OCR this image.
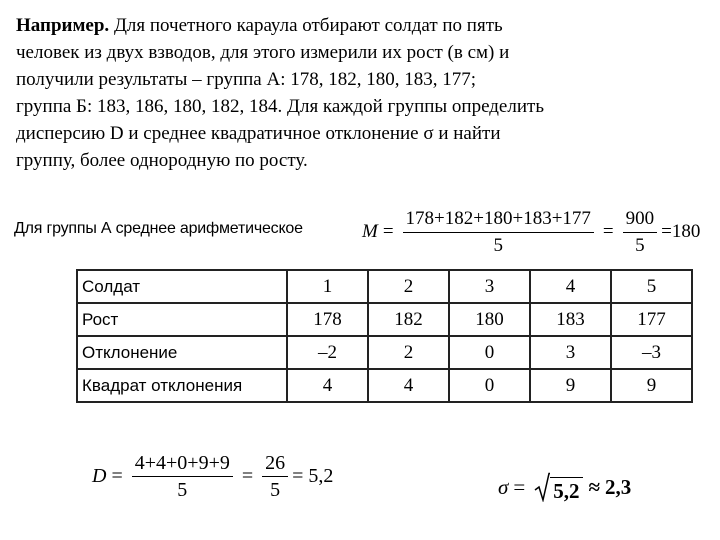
Например. Для почетного караула отбирают солдат по пять

человек из двух взводов, для этого измерили их рост (в см) и

получили результаты – группа А: 178, 182, 180, 183, 177;

группа Б: 183, 186, 180, 182, 184. Для каждой группы определить

дисперсию D и среднее квадратичное отклонение σ и найти

группу, более однородную по росту.

Для группы А среднее арифметическое	$M = \frac{178+182+180+183+177}{5} = \frac{900}{5} =180$
Солдат	1	2	3	4	5
Рост	178	182	180	183	177
Отклонение	–2	2	0	3	–3
Квадрат отклонения	4	4	0	9	9
$D = \frac{4+4+0+9+9}{5} = \frac{26}{5} = 5,2$	σ = 5,2 ≈ 2,3
